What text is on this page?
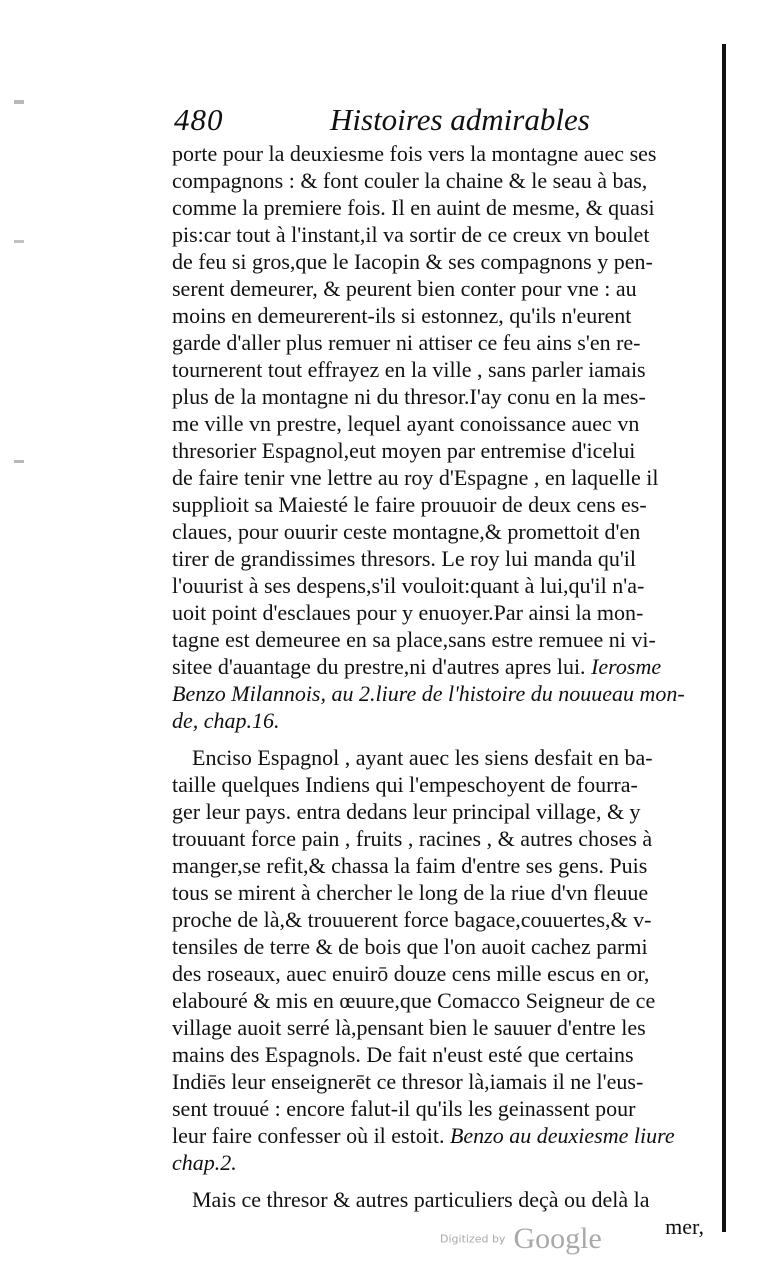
480	Histoires admirables
porte pour la deuxiesme fois vers la montagne auec ses
compagnons : & font couler la chaine & le seau à bas,
comme la premiere fois. Il en auint de mesme, & quasi
pis:car tout à l'instant,il va sortir de ce creux vn boulet
de feu si gros,que le Iacopin & ses compagnons y pen-
serent demeurer, & peurent bien conter pour vne : au
moins en demeurerent-ils si estonnez, qu'ils n'eurent
garde d'aller plus remuer ni attiser ce feu ains s'en re-
tournerent tout effrayez en la ville , sans parler iamais
plus de la montagne ni du thresor.I'ay conu en la mes-
me ville vn prestre, lequel ayant conoissance auec vn
thresorier Espagnol,eut moyen par entremise d'icelui
de faire tenir vne lettre au roy d'Espagne , en laquelle il
supplioit sa Maiesté le faire prouuoir de deux cens es-
claues, pour ouurir ceste montagne,& promettoit d'en
tirer de grandissimes thresors. Le roy lui manda qu'il
l'ouurist à ses despens,s'il vouloit:quant à lui,qu'il n'a-
uoit point d'esclaues pour y enuoyer.Par ainsi la mon-
tagne est demeuree en sa place,sans estre remuee ni vi-
sitee d'auantage du prestre,ni d'autres apres lui. Ierosme
Benzo Milannois, au 2.liure de l'histoire du nouueau mon-
de, chap.16.
Enciso Espagnol , ayant auec les siens desfait en ba-
taille quelques Indiens qui l'empeschoyent de fourra-
ger leur pays. entra dedans leur principal village, & y
trouuant force pain , fruits , racines , & autres choses à
manger,se refit,& chassa la faim d'entre ses gens. Puis
tous se mirent à chercher le long de la riue d'vn fleuue
proche de là,& trouuerent force bagace,couuertes,& v-
tensiles de terre & de bois que l'on auoit cachez parmi
des roseaux, auec enuirō douze cens mille escus en or,
elabouré & mis en œuure,que Comacco Seigneur de ce
village auoit serré là,pensant bien le sauuer d'entre les
mains des Espagnols. De fait n'eust esté que certains
Indiēs leur enseignerēt ce thresor là,iamais il ne l'eus-
sent trouué : encore falut-il qu'ils les geinassent pour
leur faire confesser où il estoit. Benzo au deuxiesme liure
chap.2.
Mais ce thresor & autres particuliers deçà ou delà la
mer,
Digitized by Google
